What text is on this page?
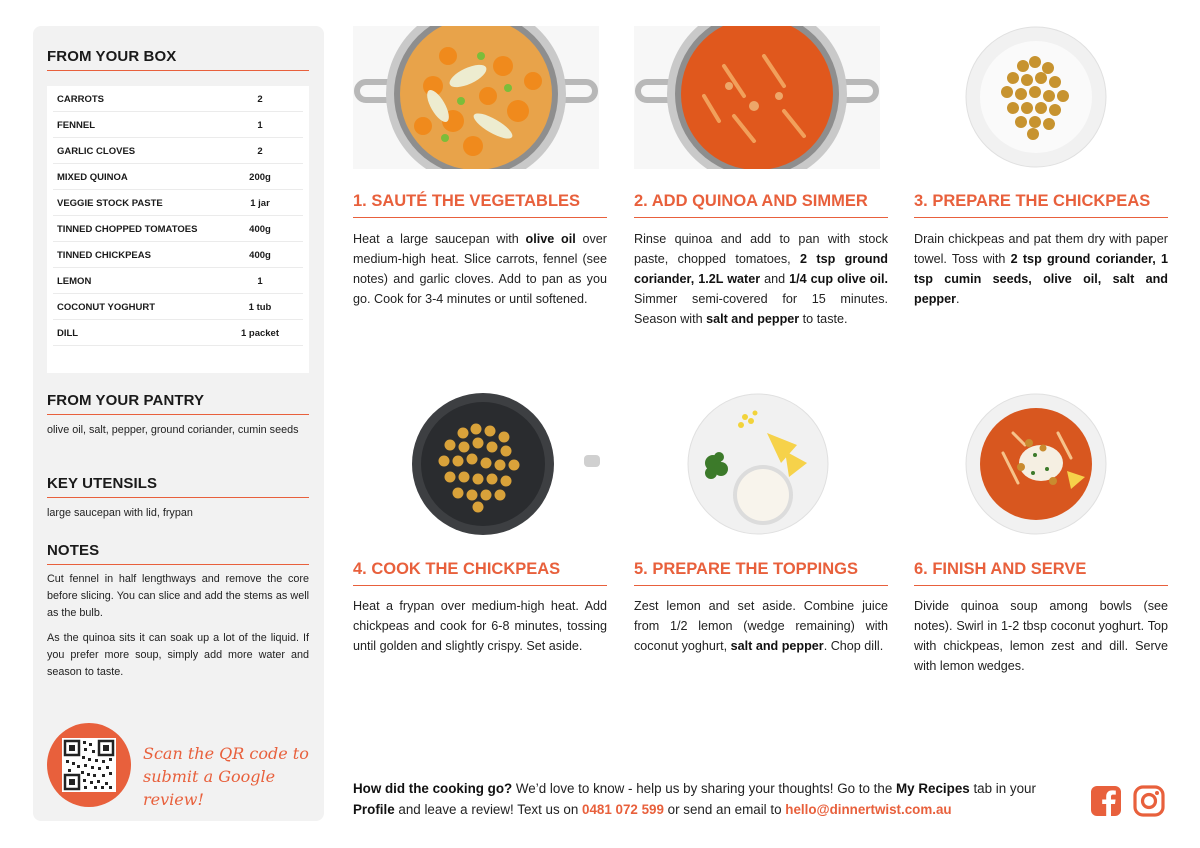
FROM YOUR BOX
CARROTS	2
FENNEL	1
GARLIC CLOVES	2
MIXED QUINOA	200g
VEGGIE STOCK PASTE	1 jar
TINNED CHOPPED TOMATOES	400g
TINNED CHICKPEAS	400g
LEMON	1
COCONUT YOGHURT	1 tub
DILL	1 packet
FROM YOUR PANTRY
olive oil, salt, pepper, ground coriander, cumin seeds
KEY UTENSILS
large saucepan with lid, frypan
NOTES
Cut fennel in half lengthways and remove the core before slicing. You can slice and add the stems as well as the bulb.
As the quinoa sits it can soak up a lot of the liquid. If you prefer more soup, simply add more water and season to taste.
Scan the QR code to
submit a Google review!
1. SAUTÉ THE VEGETABLES
Heat a large saucepan with olive oil over medium-high heat. Slice carrots, fennel (see notes) and garlic cloves. Add to pan as you go. Cook for 3-4 minutes or until softened.
2. ADD QUINOA AND SIMMER
Rinse quinoa and add to pan with stock paste, chopped tomatoes, 2 tsp ground coriander, 1.2L water and 1/4 cup olive oil. Simmer semi-covered for 15 minutes. Season with salt and pepper to taste.
3. PREPARE THE CHICKPEAS
Drain chickpeas and pat them dry with paper towel. Toss with 2 tsp ground coriander, 1 tsp cumin seeds, olive oil, salt and pepper.
4. COOK THE CHICKPEAS
Heat a frypan over medium-high heat. Add chickpeas and cook for 6-8 minutes, tossing until golden and slightly crispy. Set aside.
5. PREPARE THE TOPPINGS
Zest lemon and set aside. Combine juice from 1/2 lemon (wedge remaining) with coconut yoghurt, salt and pepper. Chop dill.
6. FINISH AND SERVE
Divide quinoa soup among bowls (see notes). Swirl in 1-2 tbsp coconut yoghurt. Top with chickpeas, lemon zest and dill. Serve with lemon wedges.
How did the cooking go? We’d love to know - help us by sharing your thoughts! Go to the My Recipes tab in your Profile and leave a review! Text us on 0481 072 599 or send an email to hello@dinnertwist.com.au
